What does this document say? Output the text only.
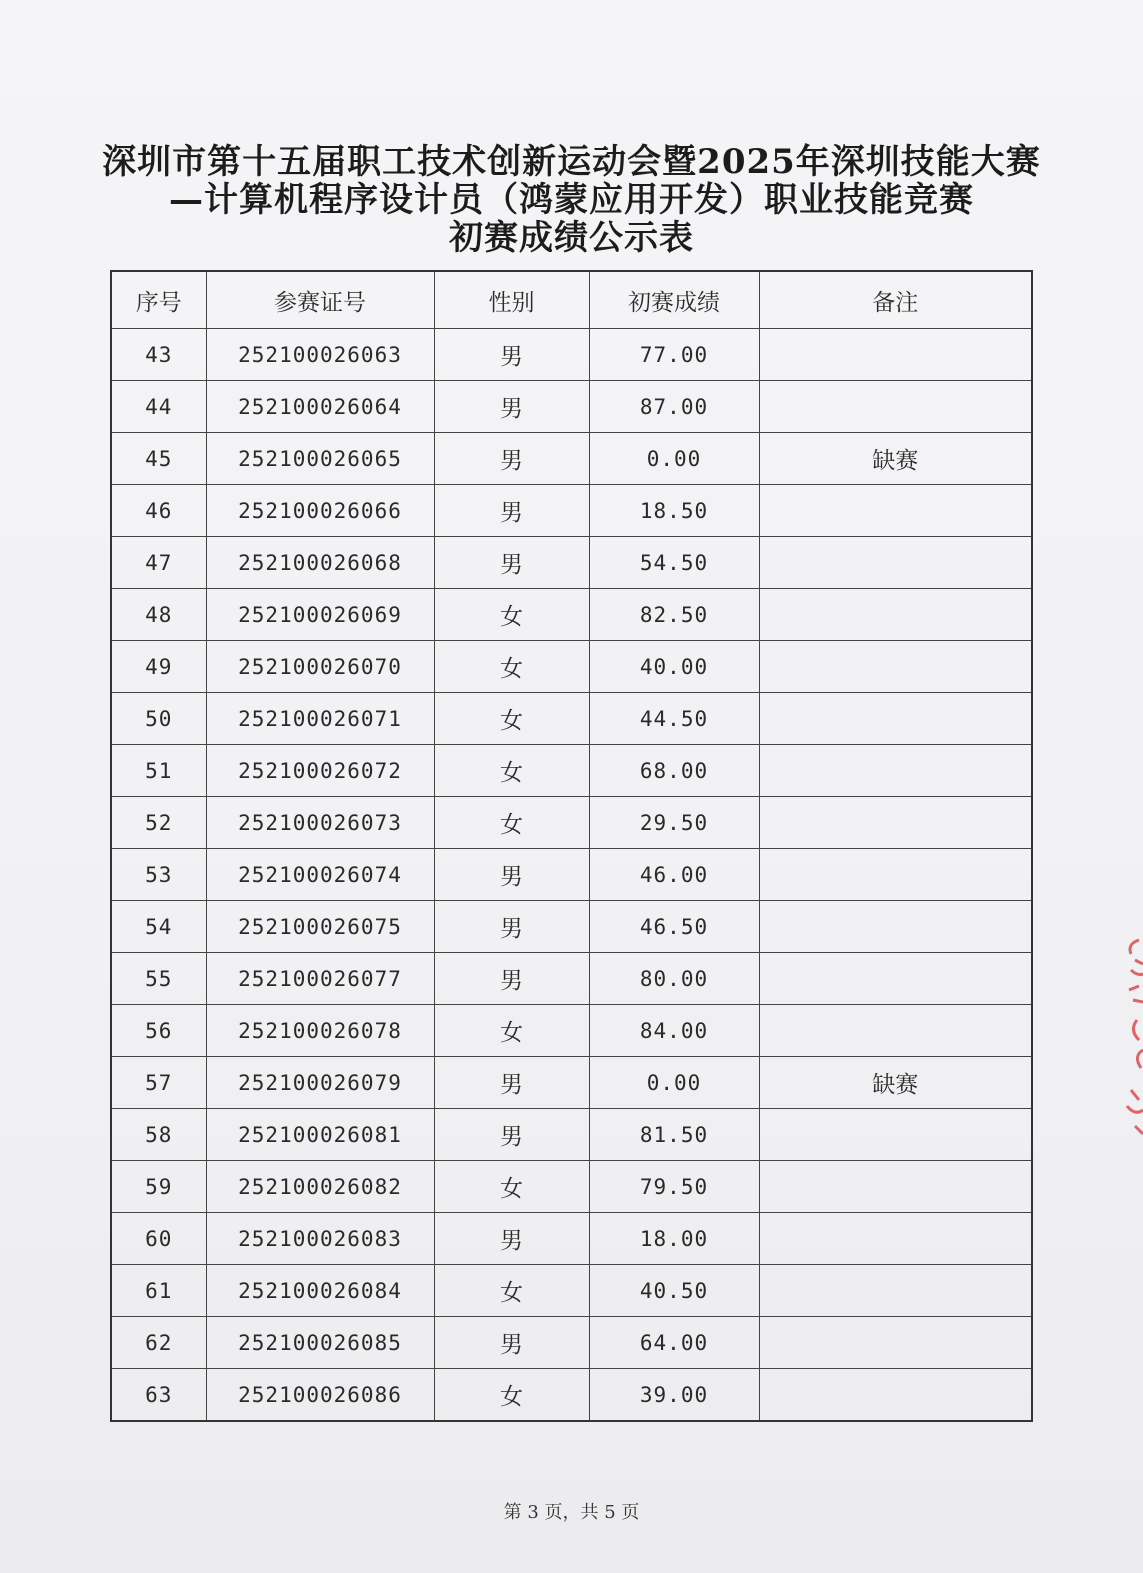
深圳市第十五届职工技术创新运动会暨2025年深圳技能大赛
—计算机程序设计员（鸿蒙应用开发）职业技能竞赛
初赛成绩公示表
序号	参赛证号	性别	初赛成绩	备注
43	252100026063	男	77.00	
44	252100026064	男	87.00	
45	252100026065	男	0.00	缺赛
46	252100026066	男	18.50	
47	252100026068	男	54.50	
48	252100026069	女	82.50	
49	252100026070	女	40.00	
50	252100026071	女	44.50	
51	252100026072	女	68.00	
52	252100026073	女	29.50	
53	252100026074	男	46.00	
54	252100026075	男	46.50	
55	252100026077	男	80.00	
56	252100026078	女	84.00	
57	252100026079	男	0.00	缺赛
58	252100026081	男	81.50	
59	252100026082	女	79.50	
60	252100026083	男	18.00	
61	252100026084	女	40.50	
62	252100026085	男	64.00	
63	252100026086	女	39.00	
第 3 页，共 5 页
